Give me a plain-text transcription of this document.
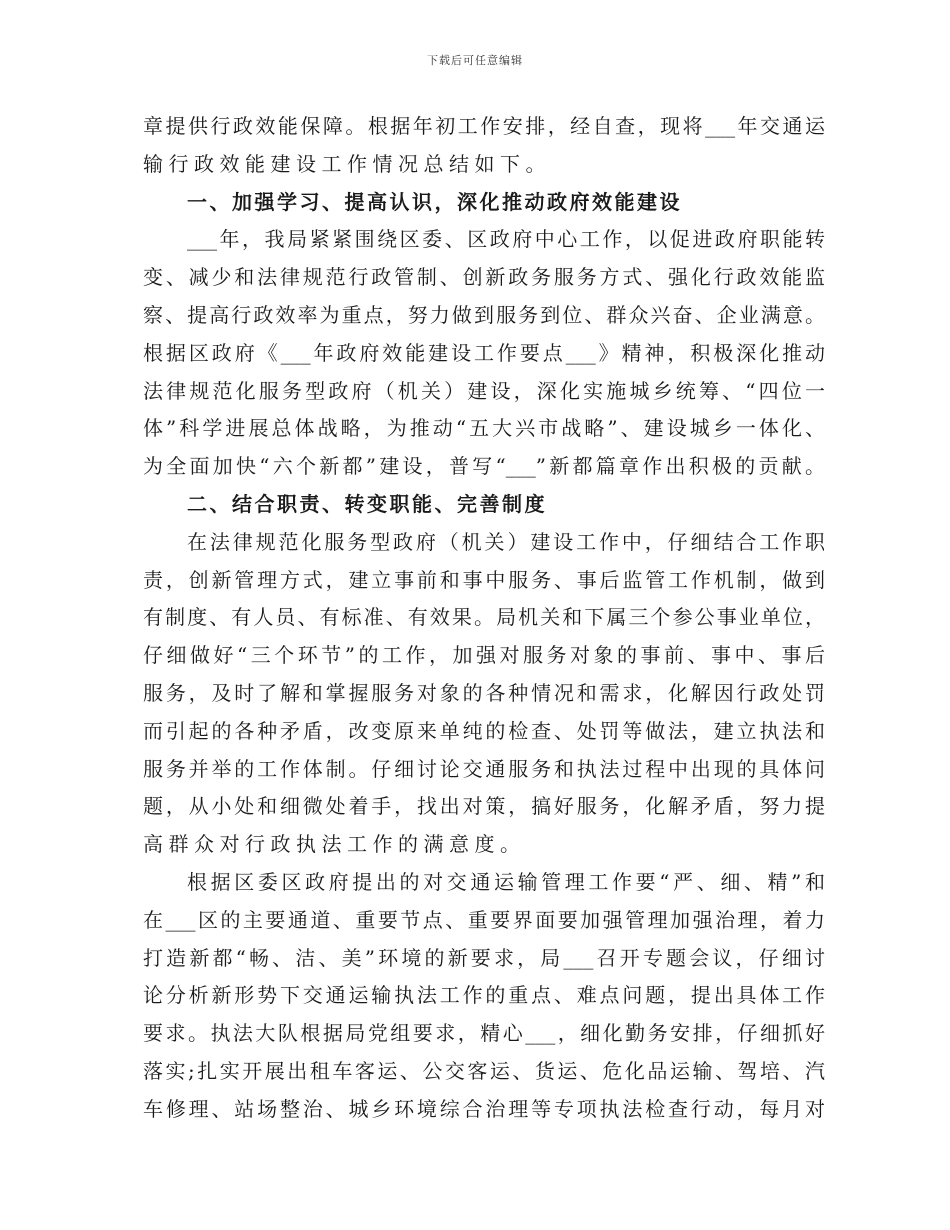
下载后可任意编辑
章提供行政效能保障。根据年初工作安排，经自查，现将___年交通运
输行政效能建设工作情况总结如下。
一、加强学习、提高认识，深化推动政府效能建设
___年，我局紧紧围绕区委、区政府中心工作，以促进政府职能转
变、减少和法律规范行政管制、创新政务服务方式、强化行政效能监
察、提高行政效率为重点，努力做到服务到位、群众兴奋、企业满意。
根据区政府《___年政府效能建设工作要点___》精神，积极深化推动
法律规范化服务型政府（机关）建设，深化实施城乡统筹、“四位一
体”科学进展总体战略，为推动“五大兴市战略”、建设城乡一体化、
为全面加快“六个新都”建设，普写“___”新都篇章作出积极的贡献。
二、结合职责、转变职能、完善制度
在法律规范化服务型政府（机关）建设工作中，仔细结合工作职
责，创新管理方式，建立事前和事中服务、事后监管工作机制，做到
有制度、有人员、有标准、有效果。局机关和下属三个参公事业单位，
仔细做好“三个环节”的工作，加强对服务对象的事前、事中、事后
服务，及时了解和掌握服务对象的各种情况和需求，化解因行政处罚
而引起的各种矛盾，改变原来单纯的检查、处罚等做法，建立执法和
服务并举的工作体制。仔细讨论交通服务和执法过程中出现的具体问
题，从小处和细微处着手，找出对策，搞好服务，化解矛盾，努力提
高群众对行政执法工作的满意度。
根据区委区政府提出的对交通运输管理工作要“严、细、精”和
在___区的主要通道、重要节点、重要界面要加强管理加强治理，着力
打造新都“畅、洁、美”环境的新要求，局___召开专题会议，仔细讨
论分析新形势下交通运输执法工作的重点、难点问题，提出具体工作
要求。执法大队根据局党组要求，精心___，细化勤务安排，仔细抓好
落实;扎实开展出租车客运、公交客运、货运、危化品运输、驾培、汽
车修理、站场整治、城乡环境综合治理等专项执法检查行动，每月对
